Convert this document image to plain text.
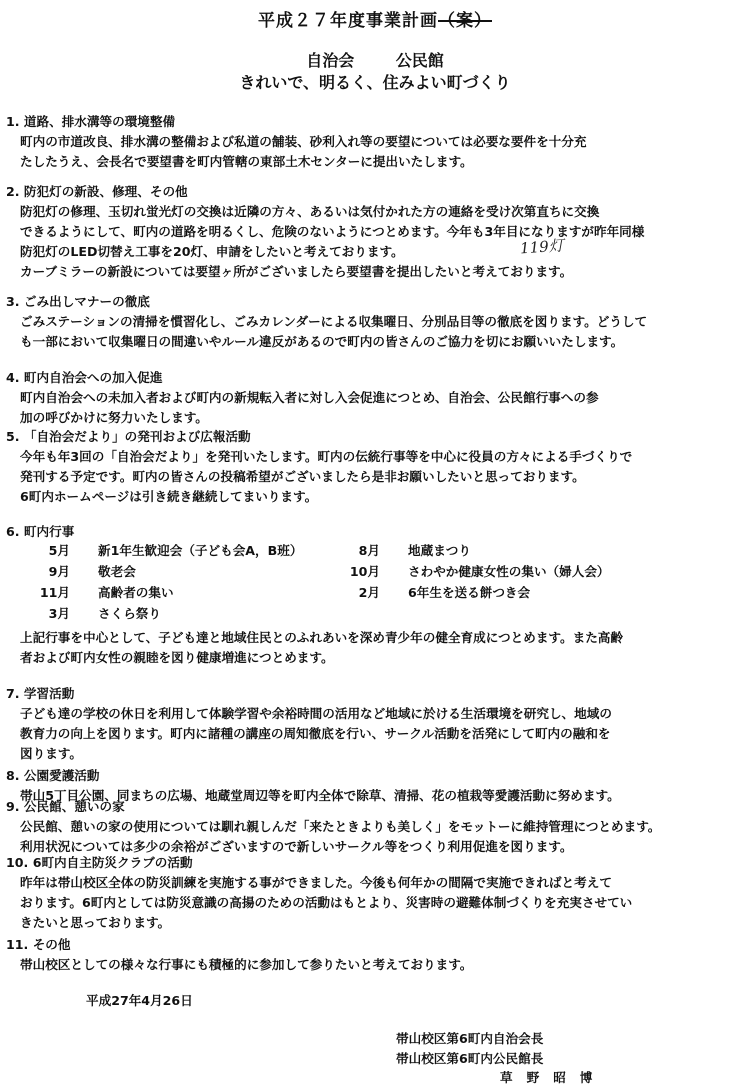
平成２７年度事業計画（案）
自治会	公民館
きれいで、明るく、住みよい町づくり
1. 道路、排水溝等の環境整備
町内の市道改良、排水溝の整備および私道の舗装、砂利入れ等の要望については必要な要件を十分充
たしたうえ、会長名で要望書を町内管轄の東部土木センターに提出いたします。
2. 防犯灯の新設、修理、その他
防犯灯の修理、玉切れ蛍光灯の交換は近隣の方々、あるいは気付かれた方の連絡を受け次第直ちに交換
できるようにして、町内の道路を明るくし、危険のないようにつとめます。今年も3年目になりますが昨年同様
防犯灯のLED切替え工事を20灯、申請をしたいと考えております。
カーブミラーの新設については要望ヶ所がございましたら要望書を提出したいと考えております。
3. ごみ出しマナーの徹底
ごみステーションの清掃を慣習化し、ごみカレンダーによる収集曜日、分別品目等の徹底を図ります。どうして
も一部において収集曜日の間違いやルール違反があるので町内の皆さんのご協力を切にお願いいたします。
4. 町内自治会への加入促進
町内自治会への未加入者および町内の新規転入者に対し入会促進につとめ、自治会、公民館行事への参
加の呼びかけに努力いたします。
5. 「自治会だより」の発刊および広報活動
今年も年3回の「自治会だより」を発刊いたします。町内の伝統行事等を中心に役員の方々による手づくりで
発刊する予定です。町内の皆さんの投稿希望がございましたら是非お願いしたいと思っております。
6町内ホームページは引き続き継続してまいります。
6. 町内行事
上記行事を中心として、子ども達と地域住民とのふれあいを深め青少年の健全育成につとめます。また高齢
者および町内女性の親睦を図り健康増進につとめます。
7. 学習活動
子ども達の学校の休日を利用して体験学習や余裕時間の活用など地域に於ける生活環境を研究し、地域の
教育力の向上を図ります。町内に諸種の講座の周知徹底を行い、サークル活動を活発にして町内の融和を
図ります。
8. 公園愛護活動
帯山5丁目公園、同まちの広場、地蔵堂周辺等を町内全体で除草、清掃、花の植栽等愛護活動に努めます。
9. 公民館、憩いの家
公民館、憩いの家の使用については馴れ親しんだ「来たときよりも美しく」をモットーに維持管理につとめます。
利用状況については多少の余裕がございますので新しいサークル等をつくり利用促進を図ります。
10. 6町内自主防災クラブの活動
昨年は帯山校区全体の防災訓練を実施する事ができました。今後も何年かの間隔で実施できればと考えて
おります。6町内としては防災意識の高揚のための活動はもとより、災害時の避難体制づくりを充実させてい
きたいと思っております。
11. その他
帯山校区としての様々な行事にも積極的に参加して参りたいと考えております。
119灯
5月 新1年生歓迎会（子ども会A，B班）	8月 地蔵まつり
9月 敬老会	10月 さわやか健康女性の集い（婦人会）
11月 高齢者の集い	2月 6年生を送る餅つき会
3月 さくら祭り
平成27年4月26日
帯山校区第6町内自治会長
帯山校区第6町内公民館長
草野昭博
